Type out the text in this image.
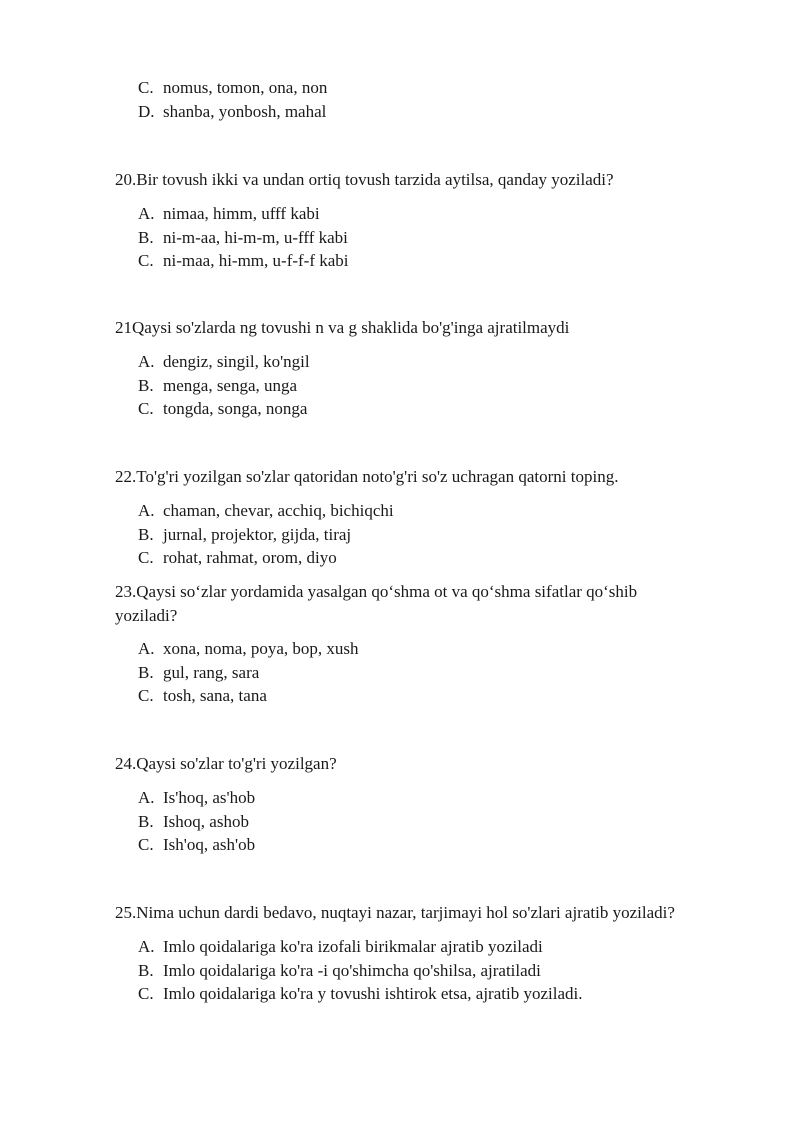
C. nomus, tomon, ona, non
D. shanba, yonbosh, mahal
20.Bir tovush ikki va undan ortiq tovush tarzida aytilsa, qanday yoziladi?
A. nimaa, himm, ufff kabi
B. ni-m-aa, hi-m-m, u-fff kabi
C. ni-maa, hi-mm, u-f-f-f kabi
21Qaysi so'zlarda ng tovushi n va g shaklida bo'g'inga ajratilmaydi
A. dengiz, singil, ko'ngil
B. menga, senga, unga
C. tongda, songa, nonga
22.To'g'ri yozilgan so'zlar qatoridan noto'g'ri so'z uchragan qatorni toping.
A. chaman, chevar, acchiq, bichiqchi
B. jurnal, projektor, gijda, tiraj
C. rohat, rahmat, orom, diyo
23.Qaysi so‘zlar yordamida yasalgan qo‘shma ot va qo‘shma sifatlar qo‘shib yoziladi?
A. xona, noma, poya, bop, xush
B. gul, rang, sara
C. tosh, sana, tana
24.Qaysi so'zlar to'g'ri yozilgan?
A. Is'hoq, as'hob
B. Ishoq, ashob
C. Ish'oq, ash'ob
25.Nima uchun dardi bedavo, nuqtayi nazar, tarjimayi hol so'zlari ajratib yoziladi?
A. Imlo qoidalariga ko'ra izofali birikmalar ajratib yoziladi
B. Imlo qoidalariga ko'ra -i qo'shimcha qo'shilsa, ajratiladi
C. Imlo qoidalariga ko'ra y tovushi ishtirok etsa, ajratib yoziladi.
